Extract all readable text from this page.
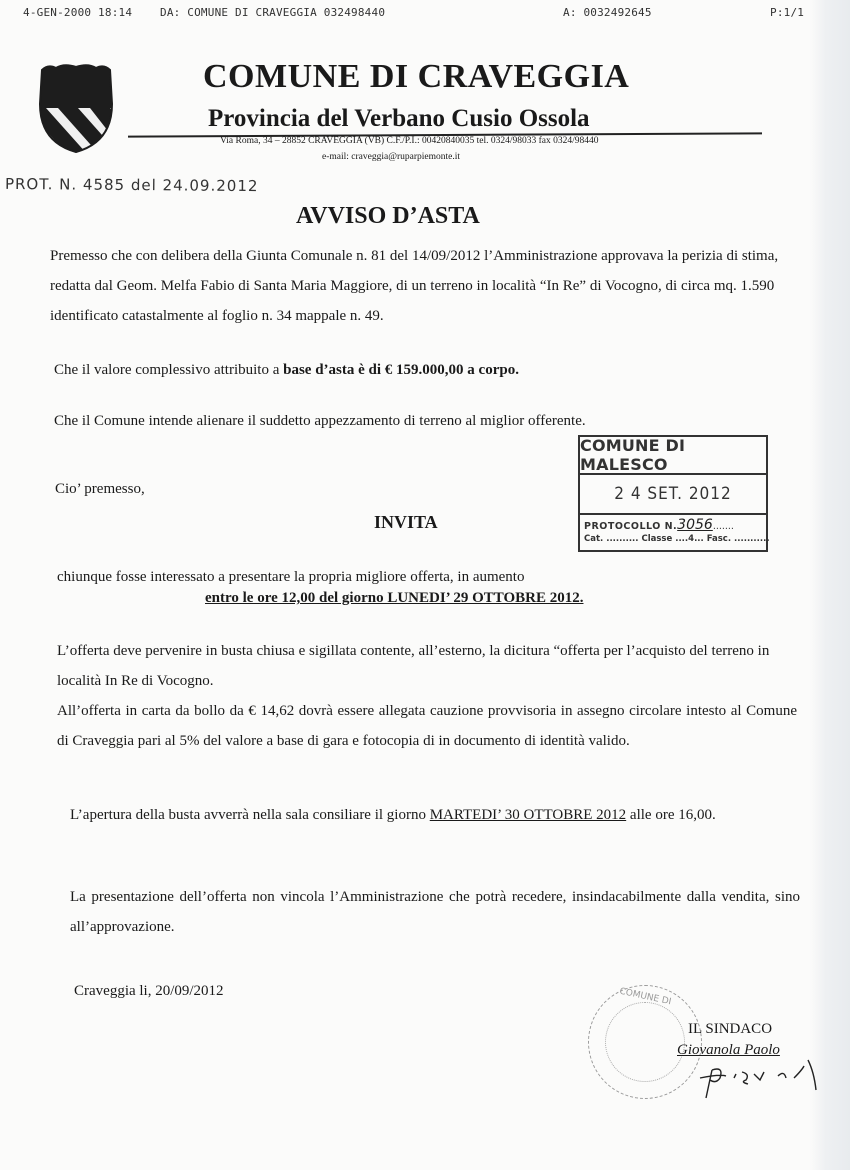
4-GEN-2000 18:14	DA: COMUNE DI CRAVEGGIA 032498440	A: 0032492645	P:1/1
COMUNE DI CRAVEGGIA
Provincia del Verbano Cusio Ossola
Via Roma, 34 – 28852 CRAVEGGIA (VB) C.F./P.I.: 00420840035 tel. 0324/98033 fax 0324/98440
e-mail: craveggia@ruparpiemonte.it
PROT. N. 4585 del 24.09.2012
AVVISO D’ASTA

Premesso che con delibera della Giunta Comunale n. 81 del 14/09/2012 l’Amministrazione approvava la perizia di stima, redatta dal Geom. Melfa Fabio di Santa Maria Maggiore, di un terreno in località “In Re” di Vocogno, di circa mq. 1.590 identificato catastalmente al foglio n. 34 mappale n. 49.

Che il valore complessivo attribuito a base d’asta è di € 159.000,00 a corpo.

Che il Comune intende alienare il suddetto appezzamento di terreno al miglior offerente.

Cio’ premesso,

COMUNE DI MALESCO
2 4 SET. 2012
PROTOCOLLO N.3056.......
Cat. .......... Classe ....4... Fasc. ...........
INVITA

chiunque fosse interessato a presentare la propria migliore offerta, in aumento

entro le ore 12,00 del giorno LUNEDI’ 29 OTTOBRE 2012.

L’offerta deve pervenire in busta chiusa e sigillata contente, all’esterno, la dicitura “offerta per l’acquisto del terreno in località In Re di Vocogno.

All’offerta in carta da bollo da € 14,62 dovrà essere allegata cauzione provvisoria in assegno circolare intesto al Comune di Craveggia pari al 5% del valore a base di gara e fotocopia di in documento di identità valido.

L’apertura della busta avverrà nella sala consiliare il giorno MARTEDI’ 30 OTTOBRE 2012 alle ore 16,00.

La presentazione dell’offerta non vincola l’Amministrazione che potrà recedere, insindacabilmente dalla vendita, sino all’approvazione.

Craveggia li, 20/09/2012	COMUNE DI
IL SINDACO
Giovanola Paolo
